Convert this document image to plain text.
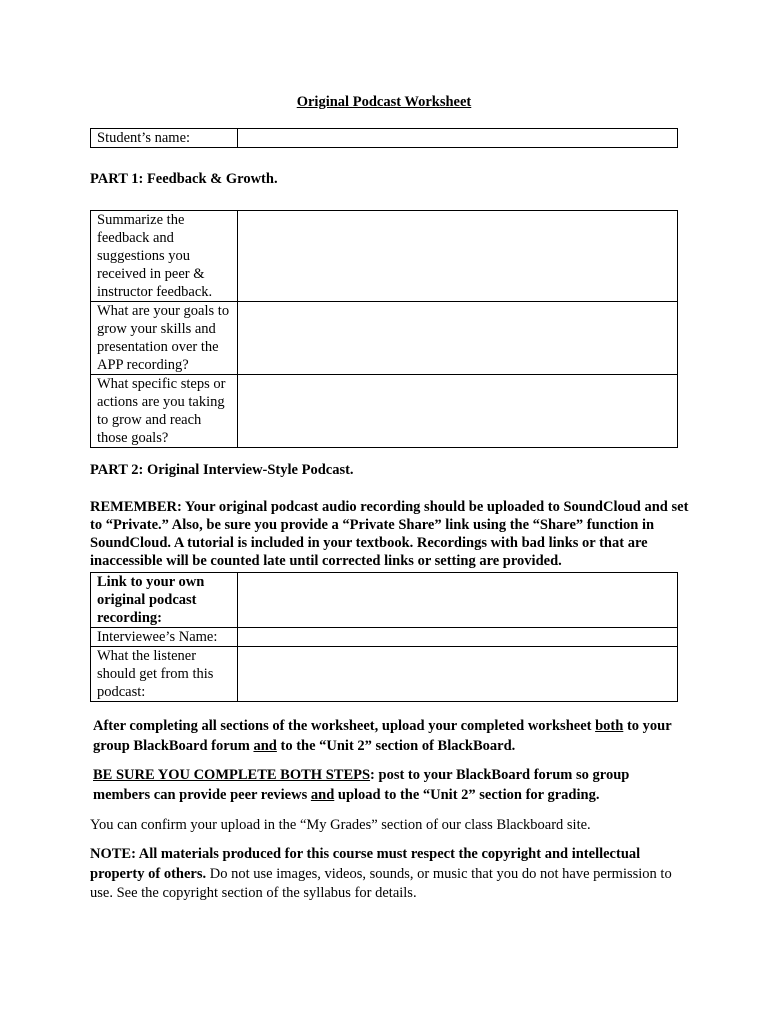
Original Podcast Worksheet
Student’s name:	
PART 1: Feedback & Growth.
Summarize the feedback and suggestions you received in peer & instructor feedback.	
What are your goals to grow your skills and presentation over the APP recording?	
What specific steps or actions are you taking to grow and reach those goals?	
PART 2: Original Interview-Style Podcast.
REMEMBER: Your original podcast audio recording should be uploaded to SoundCloud and set to “Private.” Also, be sure you provide a “Private Share” link using the “Share” function in SoundCloud. A tutorial is included in your textbook. Recordings with bad links or that are inaccessible will be counted late until corrected links or setting are provided.
Link to your own original podcast recording:	
Interviewee’s Name:	
What the listener should get from this podcast:	
After completing all sections of the worksheet, upload your completed worksheet both to your group BlackBoard forum and to the “Unit 2” section of BlackBoard.
BE SURE YOU COMPLETE BOTH STEPS: post to your BlackBoard forum so group members can provide peer reviews and upload to the “Unit 2” section for grading.
You can confirm your upload in the “My Grades” section of our class Blackboard site.
NOTE: All materials produced for this course must respect the copyright and intellectual property of others. Do not use images, videos, sounds, or music that you do not have permission to use. See the copyright section of the syllabus for details.
